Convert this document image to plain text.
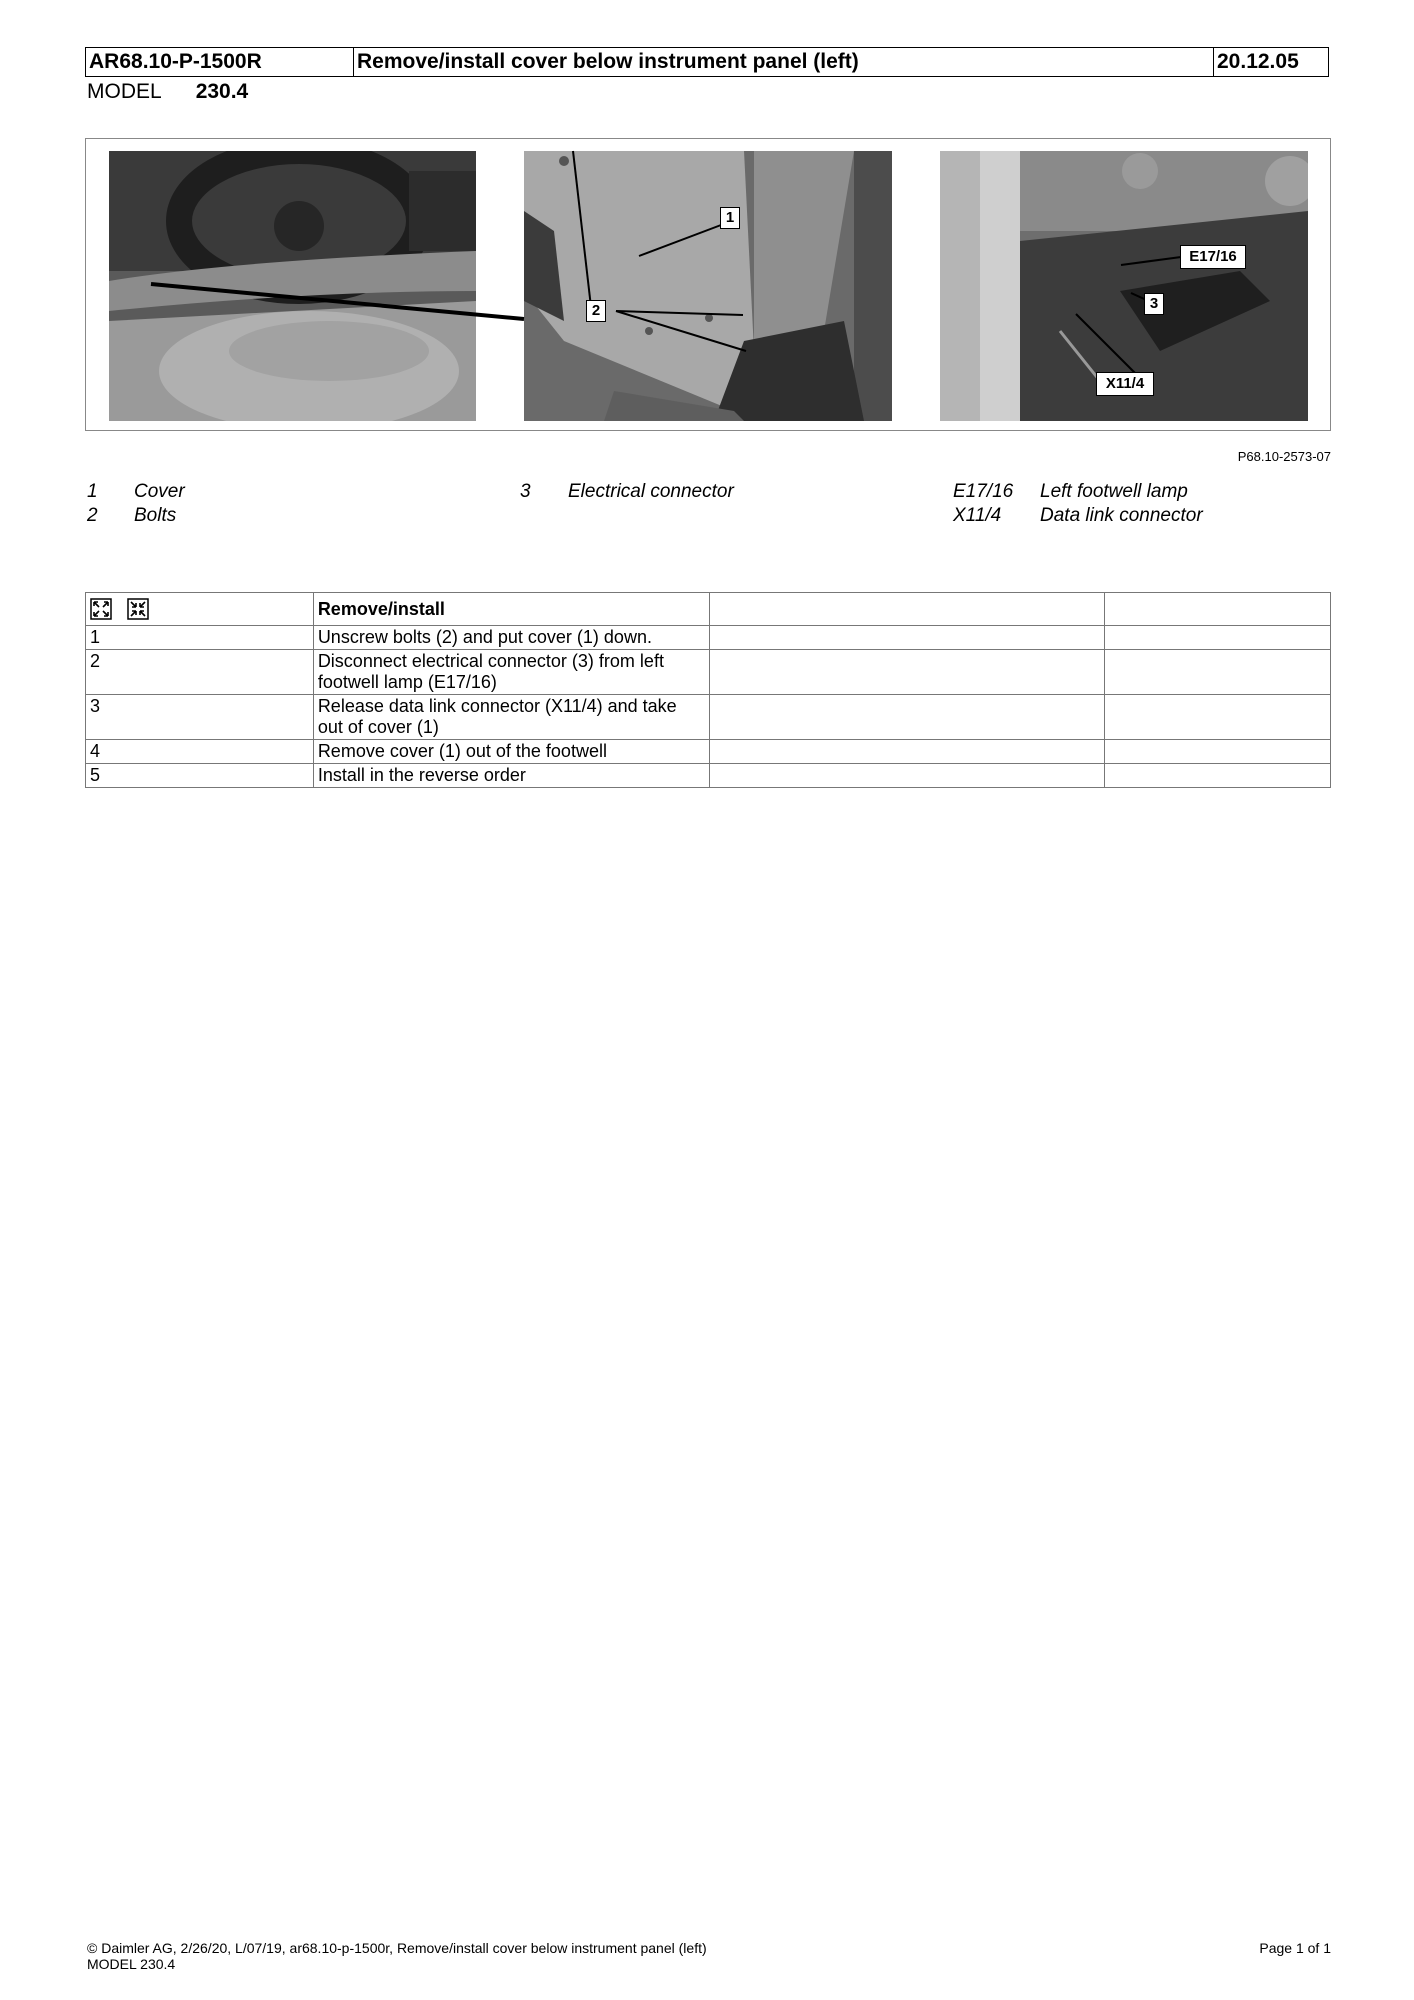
AR68.10-P-1500R	Remove/install cover below instrument panel (left)	20.12.05
MODEL 230.4
1
2	3
E17/16
X11/4
P68.10-2573-07
1 Cover
2 Bolts
3 Electrical connector	E17/16 Left footwell lamp
X11/4 Data link connector
	Remove/install		
1	Unscrew bolts (2) and put cover (1) down.		
2	Disconnect electrical connector (3) from left footwell lamp (E17/16)		
3	Release data link connector (X11/4) and take out of cover (1)		
4	Remove cover (1) out of the footwell		
5	Install in the reverse order		
© Daimler AG, 2/26/20, L/07/19, ar68.10-p-1500r, Remove/install cover below instrument panel (left)
MODEL 230.4
Page 1 of 1
